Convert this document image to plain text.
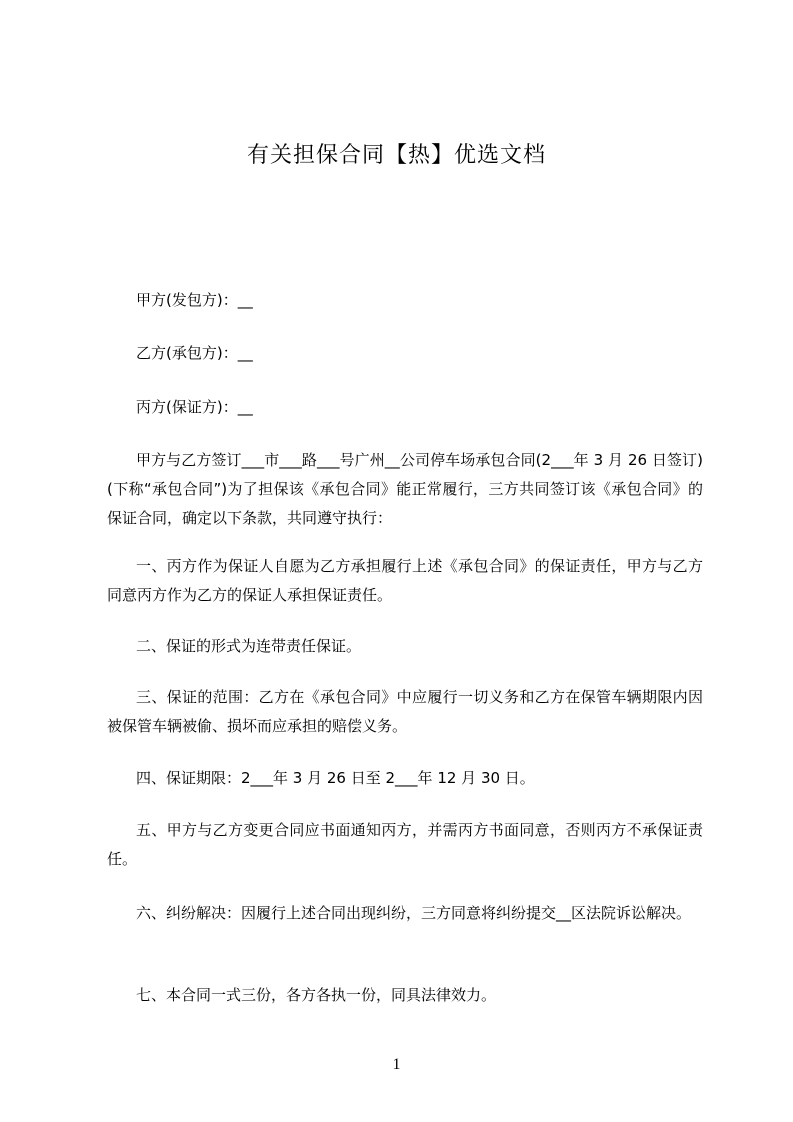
有关担保合同【热】优选文档

甲方(发包方)：__

乙方(承包方)：__

丙方(保证方)：__

甲方与乙方签订___市___路___号广州__公司停车场承包合同(2___年 3 月 26 日签订)(下称“承包合同”)为了担保该《承包合同》能正常履行，三方共同签订该《承包合同》的保证合同，确定以下条款，共同遵守执行：

一、丙方作为保证人自愿为乙方承担履行上述《承包合同》的保证责任，甲方与乙方同意丙方作为乙方的保证人承担保证责任。

二、保证的形式为连带责任保证。

三、保证的范围：乙方在《承包合同》中应履行一切义务和乙方在保管车辆期限内因被保管车辆被偷、损坏而应承担的赔偿义务。

四、保证期限：2___年 3 月 26 日至 2___年 12 月 30 日。

五、甲方与乙方变更合同应书面通知丙方，并需丙方书面同意，否则丙方不承保证责任。

六、纠纷解决：因履行上述合同出现纠纷，三方同意将纠纷提交__区法院诉讼解决。

七、本合同一式三份，各方各执一份，同具法律效力。

1
